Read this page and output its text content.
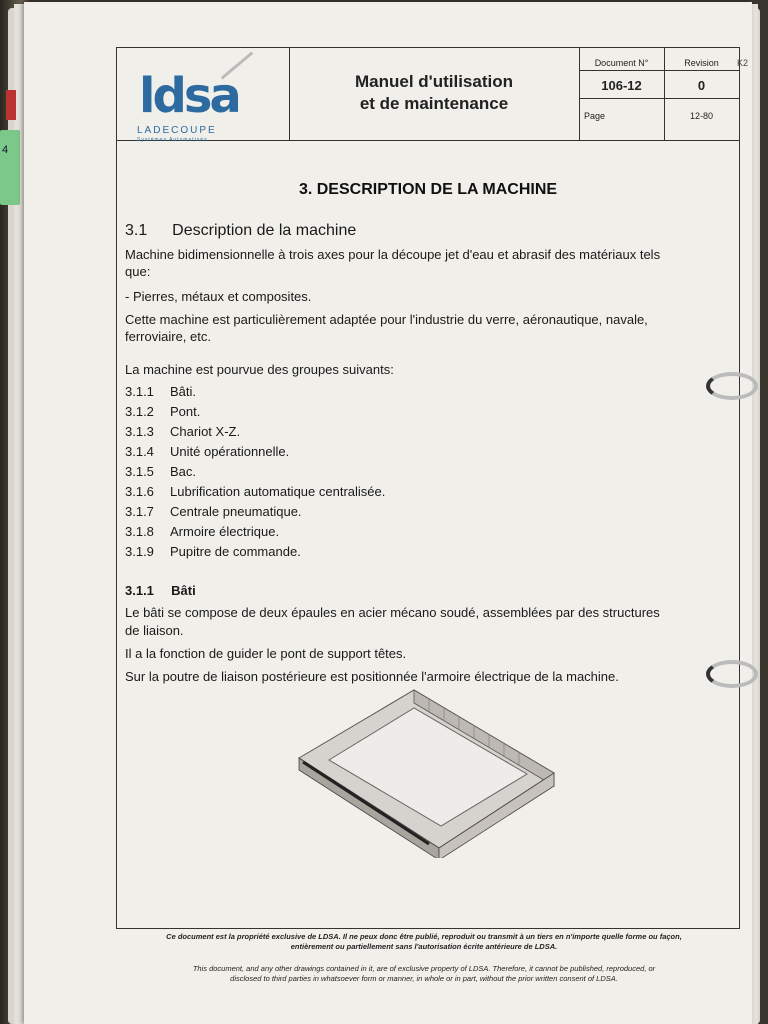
4
K2
ldsa
LADECOUPE
Systèmes Automatisés
Manuel d'utilisation
et de maintenance
Document N°	Revision
106-12	0
Page	12-80
3. DESCRIPTION DE LA MACHINE
3.1 Description de la machine
Machine bidimensionnelle à trois axes pour la découpe jet d'eau et abrasif des matériaux tels
que:
- Pierres, métaux et composites.
Cette machine est particulièrement adaptée pour l'industrie du verre, aéronautique, navale,
ferroviaire, etc.
La machine est pourvue des groupes suivants:
3.1.1 Bâti.
3.1.2 Pont.
3.1.3 Chariot X-Z.
3.1.4 Unité opérationnelle.
3.1.5 Bac.
3.1.6 Lubrification automatique centralisée.
3.1.7 Centrale pneumatique.
3.1.8 Armoire électrique.
3.1.9 Pupitre de commande.
3.1.1 Bâti
Le bâti se compose de deux épaules en acier mécano soudé, assemblées par des structures
de liaison.
Il a la fonction de guider le pont de support têtes.
Sur la poutre de liaison postérieure est positionnée l'armoire électrique de la machine.
Ce document est la propriété exclusive de LDSA. Il ne peux donc être publié, reproduit ou transmit à un tiers en n'importe quelle forme ou façon,
entièrement ou partiellement sans l'autorisation écrite antérieure de LDSA.
This document, and any other drawings contained in it, are of exclusive property of LDSA. Therefore, it cannot be published, reproduced, or
disclosed to third parties in whatsoever form or manner, in whole or in part, without the prior written consent of LDSA.
